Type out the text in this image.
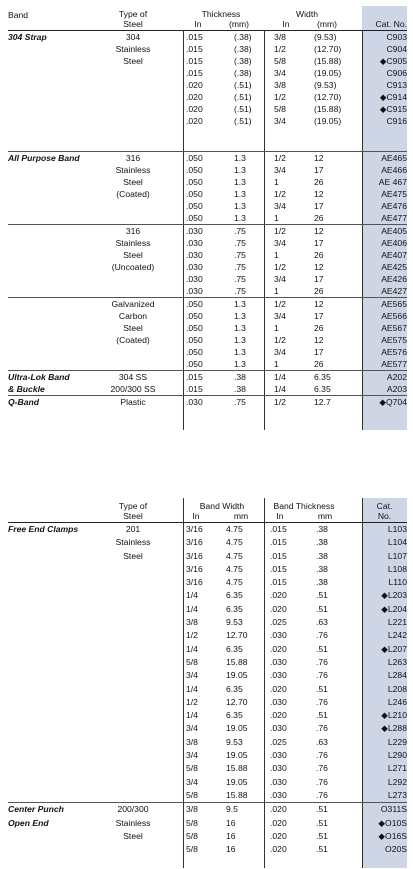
Band	Type of
Steel
Thickness
In	(mm)
Width
In	(mm)	Cat. No.
304 Strap	304	.015	(.38)	3/8	(9.53)	C903
Stainless	.015	(.38)	1/2	(12.70)	C904
Steel	.015	(.38)	5/8	(15.88)	◆C905
.015	(.38)	3/4	(19.05)	C906
.020	(.51)	3/8	(9.53)	C913
.020	(.51)	1/2	(12.70)	◆C914
.020	(.51)	5/8	(15.88)	◆C915
.020	(.51)	3/4	(19.05)	C916
All Purpose Band	316	.050	1.3	1/2	12	AE465
Stainless	.050	1.3	3/4	17	AE466
Steel	.050	1.3	1	26	AE 467
(Coated)	.050	1.3	1/2	12	AE475
.050	1.3	3/4	17	AE476
.050	1.3	1	26	AE477
316	.030	.75	1/2	12	AE405
Stainless	.030	.75	3/4	17	AE406
Steel	.030	.75	1	26	AE407
(Uncoated)	.030	.75	1/2	12	AE425
.030	.75	3/4	17	AE426
.030	.75	1	26	AE427
Galvanized	.050	1.3	1/2	12	AE565
Carbon	.050	1.3	3/4	17	AE566
Steel	.050	1.3	1	26	AE567
(Coated)	.050	1.3	1/2	12	AE575
.050	1.3	3/4	17	AE576
.050	1.3	1	26	AE577
Ultra-Lok Band	304 SS	.015	.38	1/4	6.35	A202
& Buckle	200/300 SS	.015	.38	1/4	6.35	A203
Q-Band	Plastic	.030	.75	1/2	12.7	◆Q704
Type of
Steel
Band Width
In	mm
Band Thickness
In	mm
Cat.
No.
Free End Clamps	201	3/16	4.75	.015	.38	L103
Stainless	3/16	4.75	.015	.38	L104
Steel	3/16	4.75	.015	.38	L107
3/16	4.75	.015	.38	L108
3/16	4.75	.015	.38	L110
1/4	6.35	.020	.51	◆L203
1/4	6.35	.020	.51	◆L204
3/8	9.53	.025	.63	L221
1/2	12.70	.030	.76	L242
1/4	6.35	.020	.51	◆L207
5/8	15.88	.030	.76	L263
3/4	19.05	.030	.76	L284
1/4	6.35	.020	.51	L208
1/2	12.70	.030	.76	L246
1/4	6.35	.020	.51	◆L210
3/4	19.05	.030	.76	◆L288
3/8	9.53	.025	.63	L229
3/4	19.05	.030	.76	L290
5/8	15.88	.030	.76	L271
3/4	19.05	.030	.76	L292
5/8	15.88	.030	.76	L273
Center Punch	200/300	3/8	9.5	.020	.51	O311S
Open End	Stainless	5/8	16	.020	.51	◆O10S
Steel	5/8	16	.020	.51	◆O16S
5/8	16	.020	.51	O20S
